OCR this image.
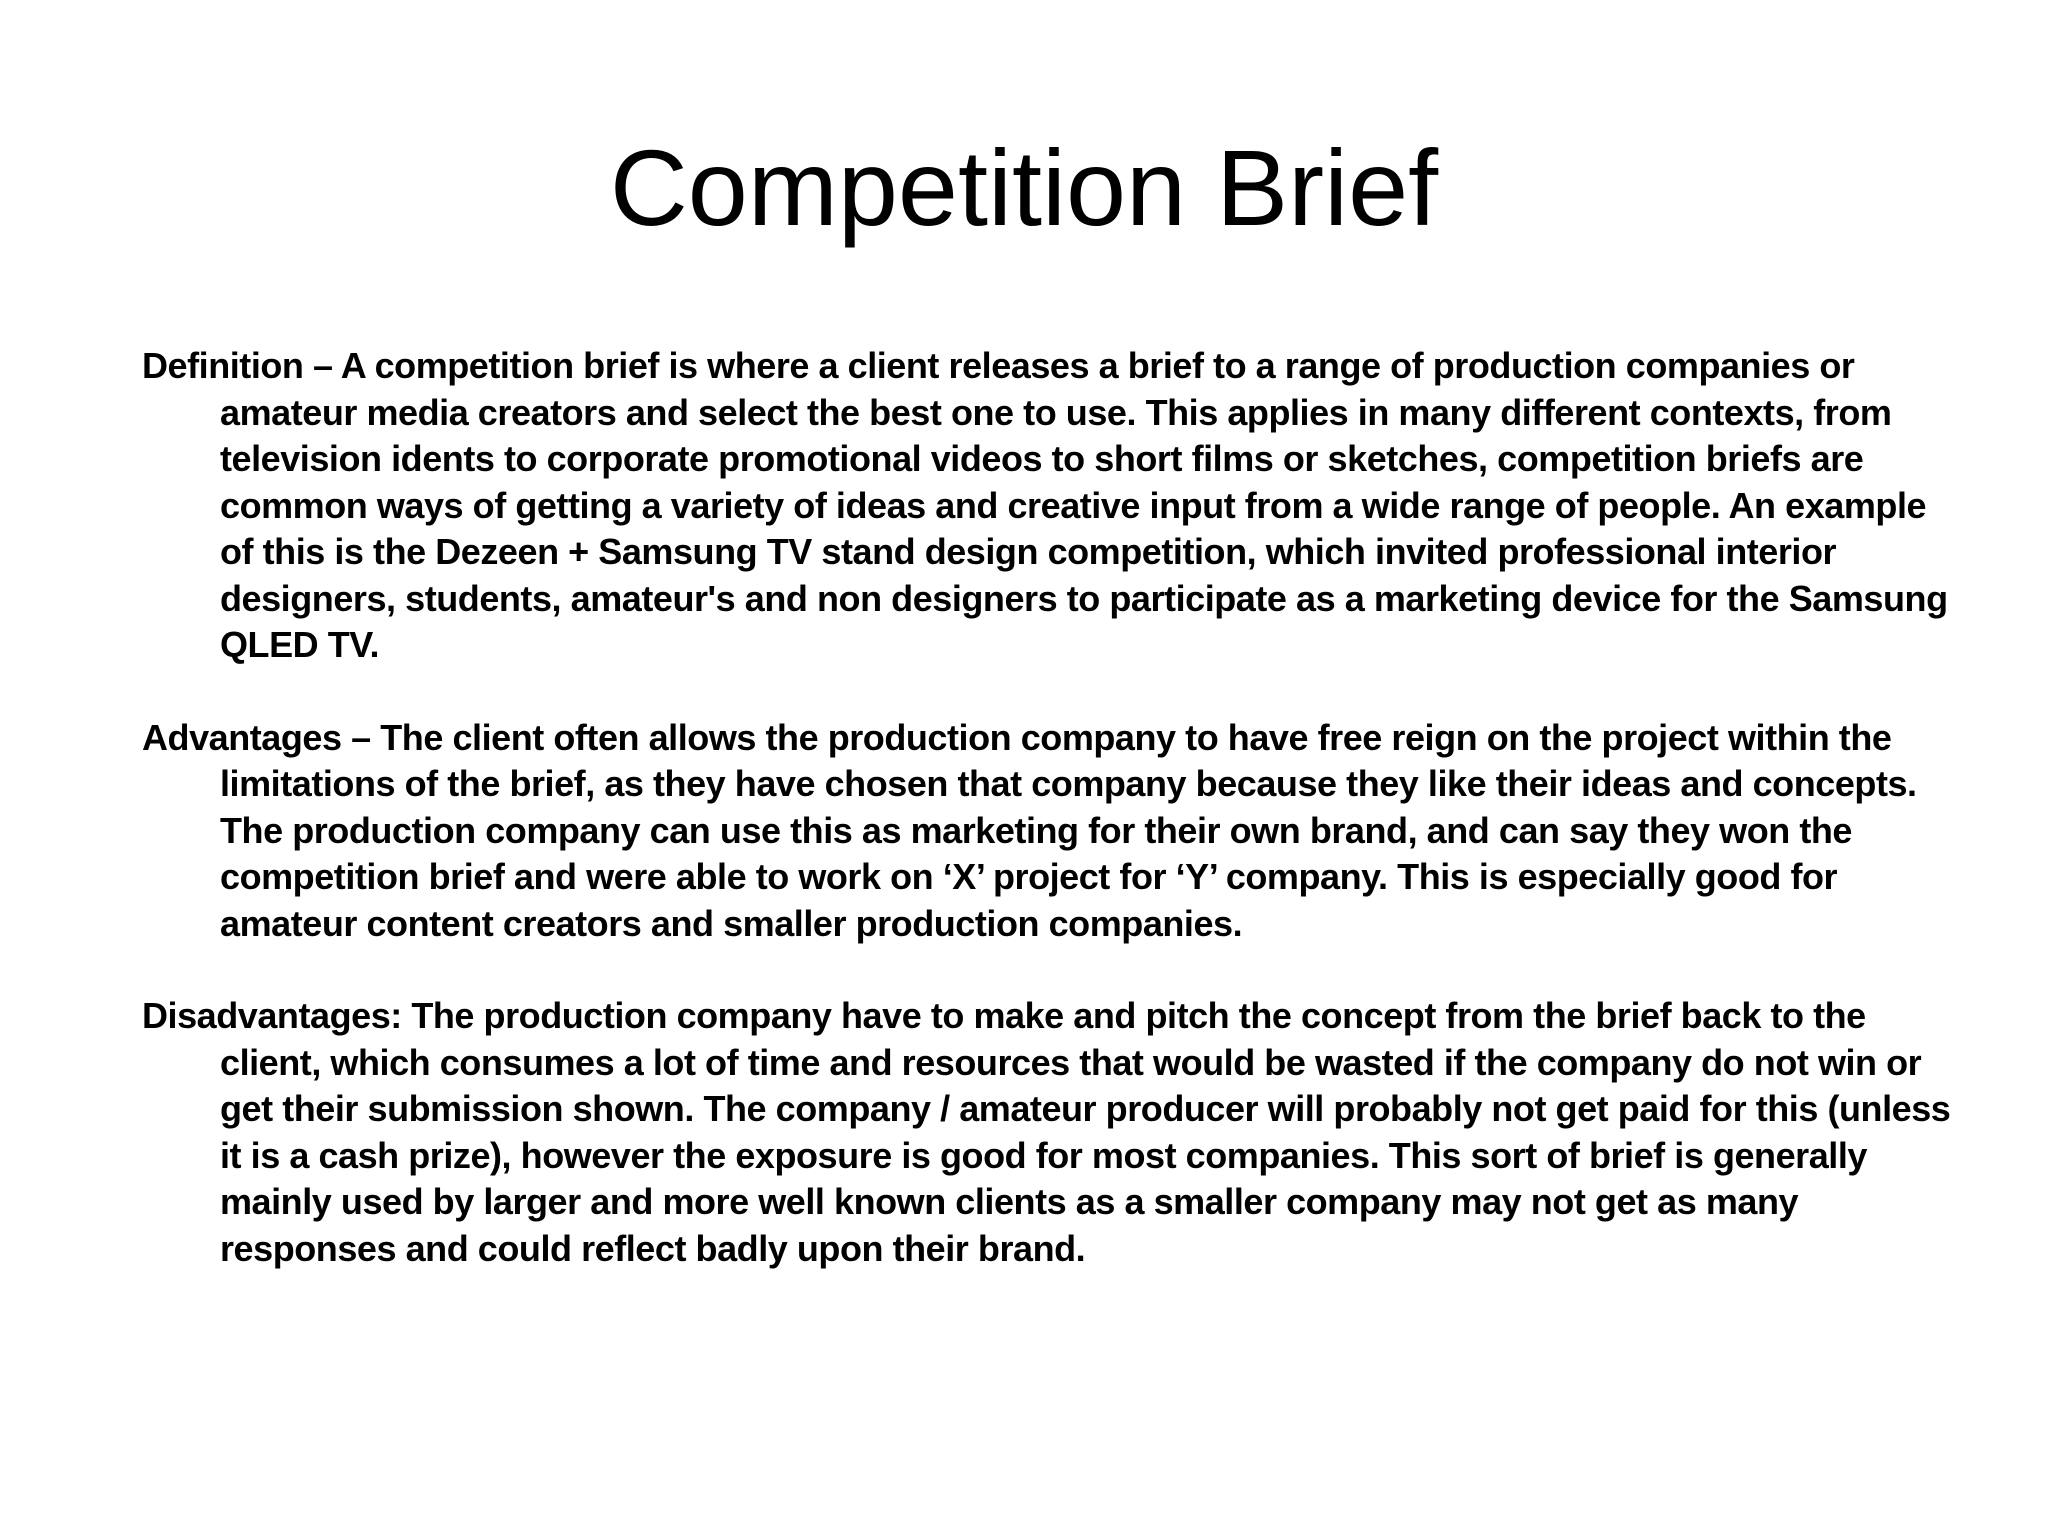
Competition Brief

Definition – A competition brief is where a client releases a brief to a range of production companies or amateur media creators and select the best one to use. This applies in many different contexts, from television idents to corporate promotional videos to short films or sketches, competition briefs are common ways of getting a variety of ideas and creative input from a wide range of people. An example of this is the Dezeen + Samsung TV stand design competition, which invited professional interior designers, students, amateur's and non designers to participate as a marketing device for the Samsung QLED TV.

Advantages – The client often allows the production company to have free reign on the project within the limitations of the brief, as they have chosen that company because they like their ideas and concepts. The production company can use this as marketing for their own brand, and can say they won the competition brief and were able to work on ‘X’ project for ‘Y’ company. This is especially good for amateur content creators and smaller production companies.

Disadvantages: The production company have to make and pitch the concept from the brief back to the client, which consumes a lot of time and resources that would be wasted if the company do not win or get their submission shown. The company / amateur producer will probably not get paid for this (unless it is a cash prize), however the exposure is good for most companies. This sort of brief is generally mainly used by larger and more well known clients as a smaller company may not get as many responses and could reflect badly upon their brand.
